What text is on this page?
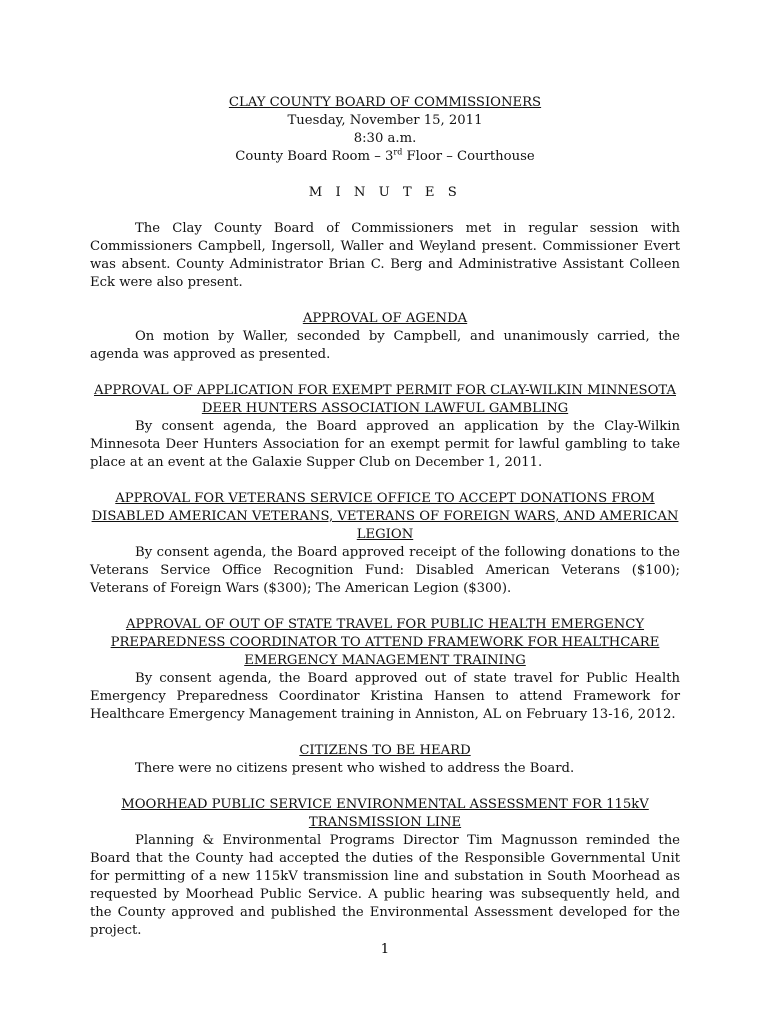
CLAY COUNTY BOARD OF COMMISSIONERS

Tuesday, November 15, 2011

8:30 a.m.

County Board Room – 3rd Floor – Courthouse

M I N U T E S

The Clay County Board of Commissioners met in regular session with Commissioners Campbell, Ingersoll, Waller and Weyland present. Commissioner Evert was absent. County Administrator Brian C. Berg and Administrative Assistant Colleen Eck were also present.

APPROVAL OF AGENDA

On motion by Waller, seconded by Campbell, and unanimously carried, the agenda was approved as presented.

APPROVAL OF APPLICATION FOR EXEMPT PERMIT FOR CLAY-WILKIN MINNESOTA DEER HUNTERS ASSOCIATION LAWFUL GAMBLING

By consent agenda, the Board approved an application by the Clay-Wilkin Minnesota Deer Hunters Association for an exempt permit for lawful gambling to take place at an event at the Galaxie Supper Club on December 1, 2011.

APPROVAL FOR VETERANS SERVICE OFFICE TO ACCEPT DONATIONS FROM DISABLED AMERICAN VETERANS, VETERANS OF FOREIGN WARS, AND AMERICAN LEGION

By consent agenda, the Board approved receipt of the following donations to the Veterans Service Office Recognition Fund: Disabled American Veterans ($100); Veterans of Foreign Wars ($300); The American Legion ($300).

APPROVAL OF OUT OF STATE TRAVEL FOR PUBLIC HEALTH EMERGENCY PREPAREDNESS COORDINATOR TO ATTEND FRAMEWORK FOR HEALTHCARE EMERGENCY MANAGEMENT TRAINING

By consent agenda, the Board approved out of state travel for Public Health Emergency Preparedness Coordinator Kristina Hansen to attend Framework for Healthcare Emergency Management training in Anniston, AL on February 13-16, 2012.

CITIZENS TO BE HEARD

There were no citizens present who wished to address the Board.

MOORHEAD PUBLIC SERVICE ENVIRONMENTAL ASSESSMENT FOR 115kV TRANSMISSION LINE

Planning & Environmental Programs Director Tim Magnusson reminded the Board that the County had accepted the duties of the Responsible Governmental Unit for permitting of a new 115kV transmission line and substation in South Moorhead as requested by Moorhead Public Service. A public hearing was subsequently held, and the County approved and published the Environmental Assessment developed for the project.

1
